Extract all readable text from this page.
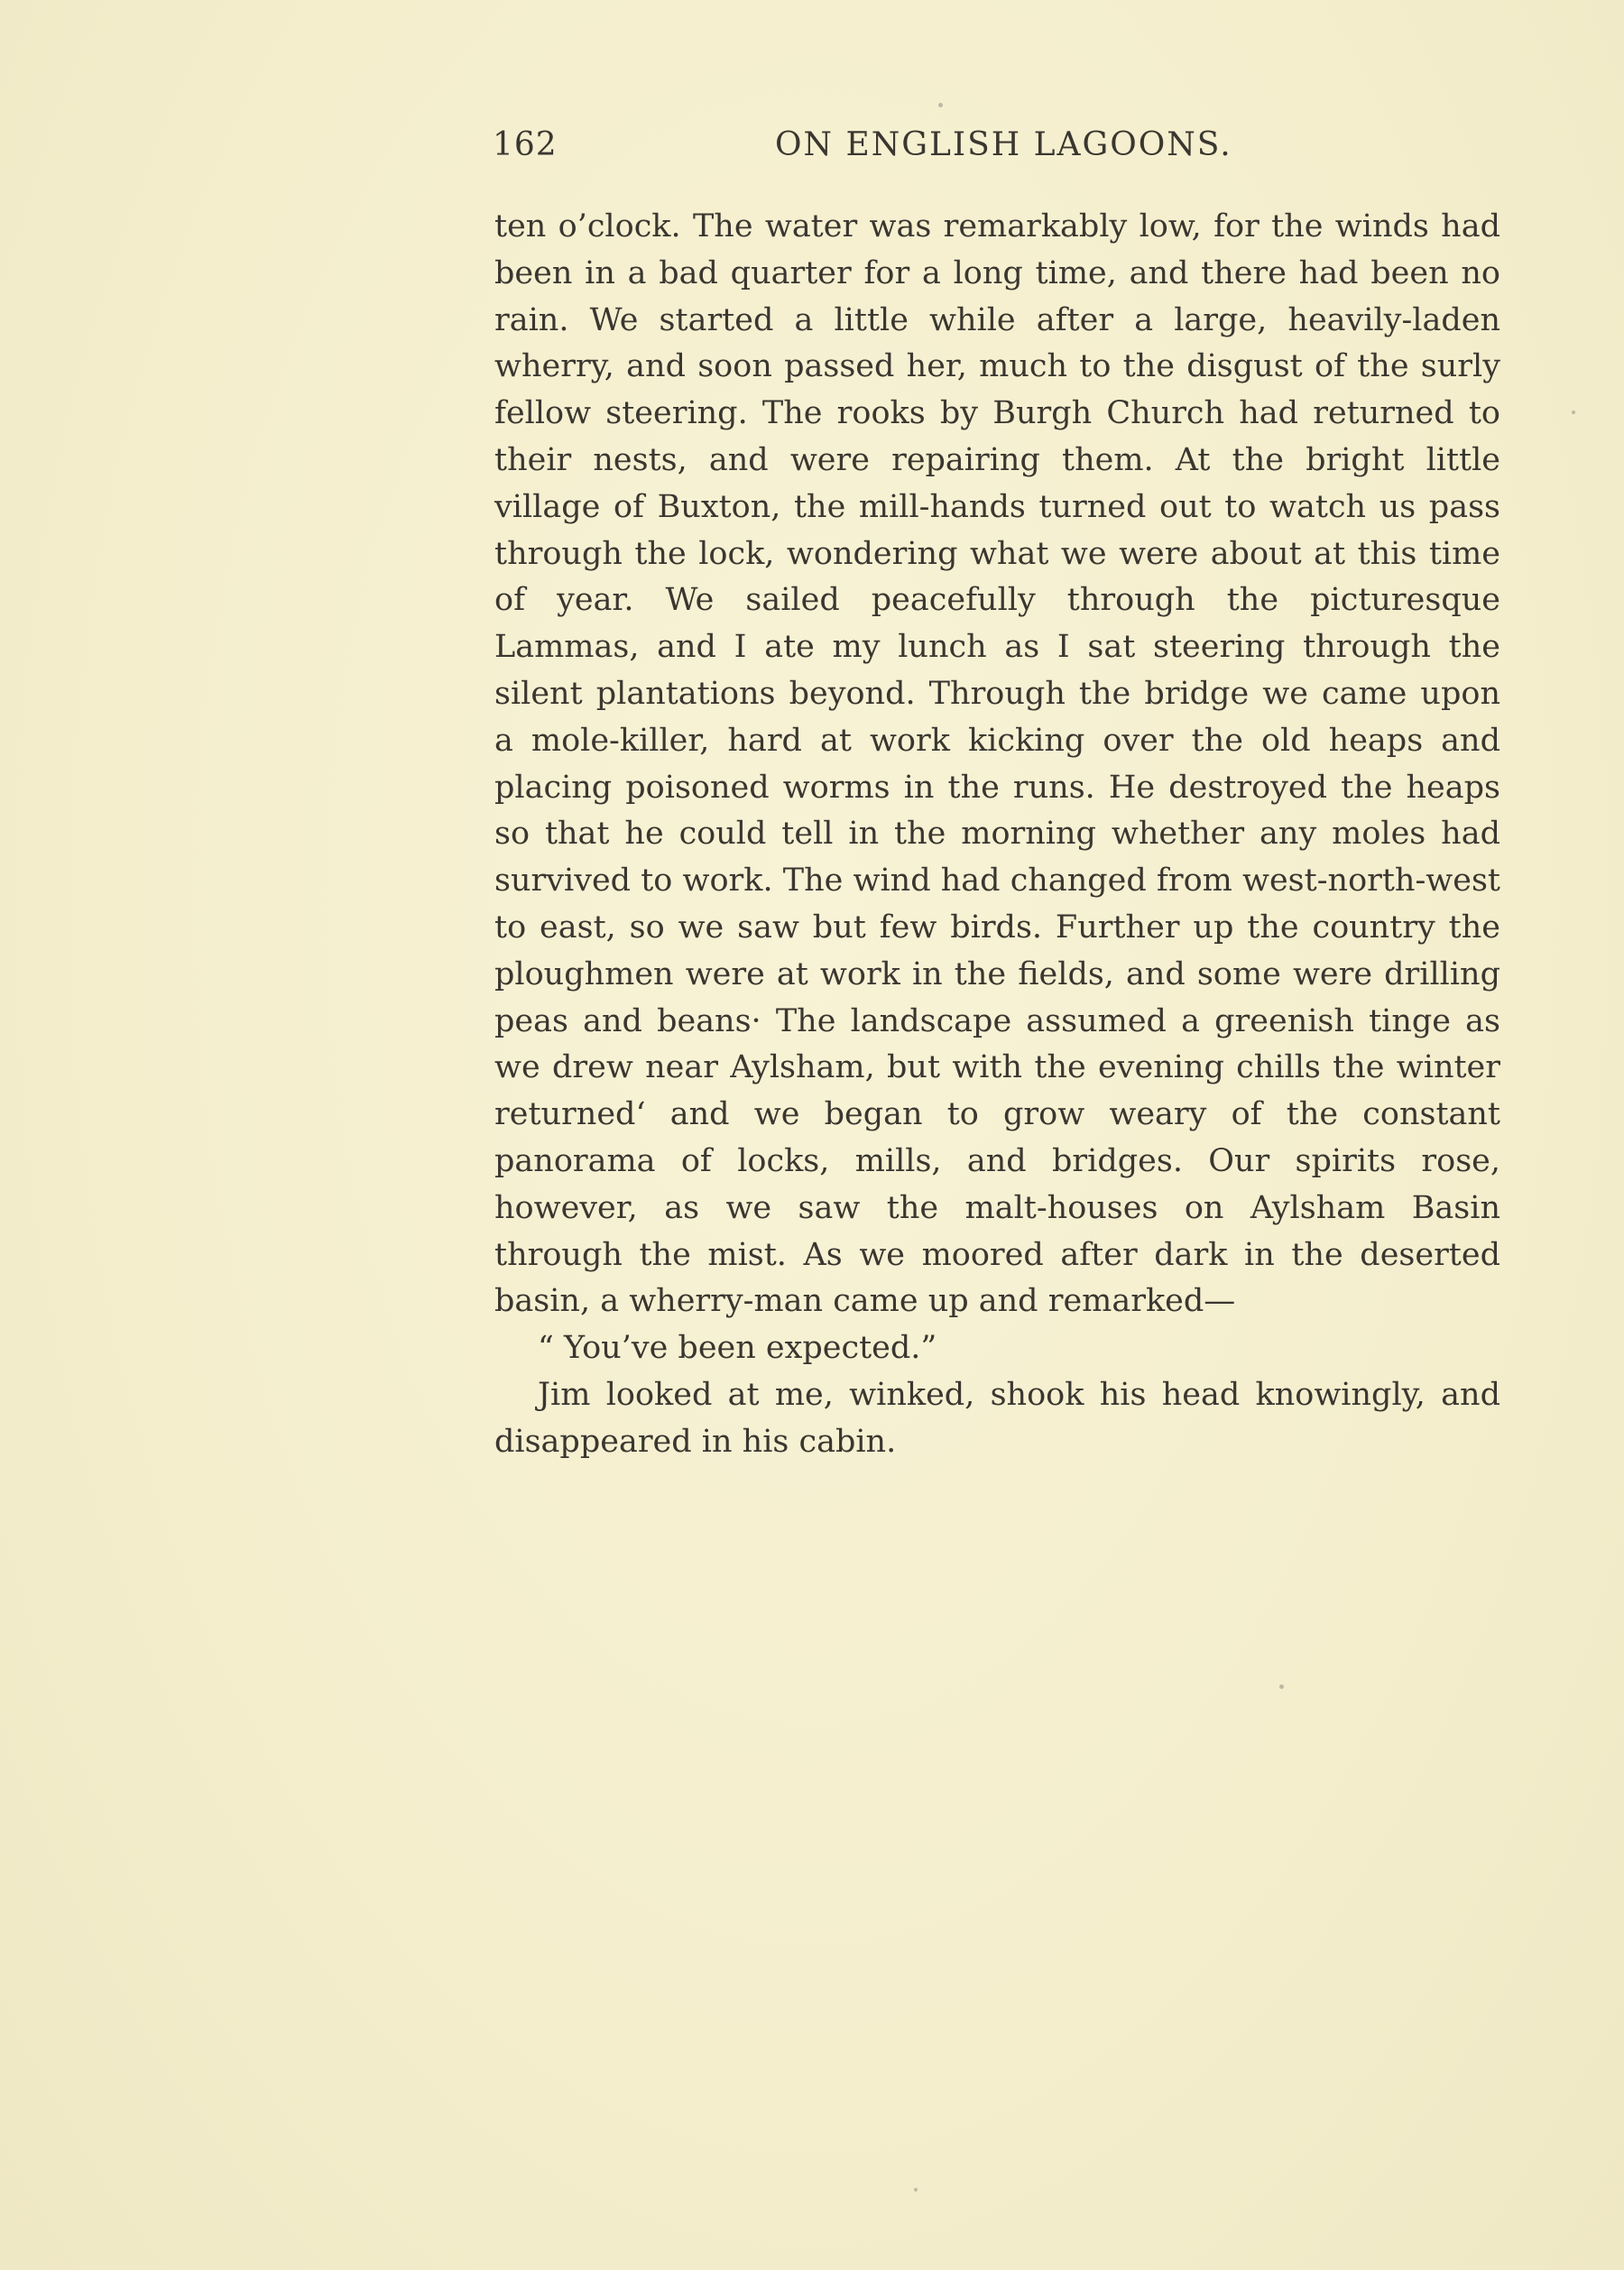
162	ON ENGLISH LAGOONS.

ten o’clock. The water was remarkably low, for the winds had been in a bad quarter for a long time, and there had been no rain. We started a little while after a large, heavily-laden wherry, and soon passed her, much to the disgust of the surly fellow steering. The rooks by Burgh Church had returned to their nests, and were repairing them. At the bright little village of Buxton, the mill-hands turned out to watch us pass through the lock, wondering what we were about at this time of year. We sailed peacefully through the picturesque Lammas, and I ate my lunch as I sat steering through the silent plantations beyond. Through the bridge we came upon a mole-killer, hard at work kicking over the old heaps and placing poisoned worms in the runs. He destroyed the heaps so that he could tell in the morning whether any moles had survived to work. The wind had changed from west-north-west to east, so we saw but few birds. Further up the country the ploughmen were at work in the fields, and some were drilling peas and beans· The landscape assumed a greenish tinge as we drew near Aylsham, but with the evening chills the winter returned‘ and we began to grow weary of the constant panorama of locks, mills, and bridges. Our spirits rose, however, as we saw the malt-houses on Aylsham Basin through the mist. As we moored after dark in the deserted basin, a wherry-man came up and remarked—

“ You’ve been expected.”

Jim looked at me, winked, shook his head knowingly, and disappeared in his cabin.
